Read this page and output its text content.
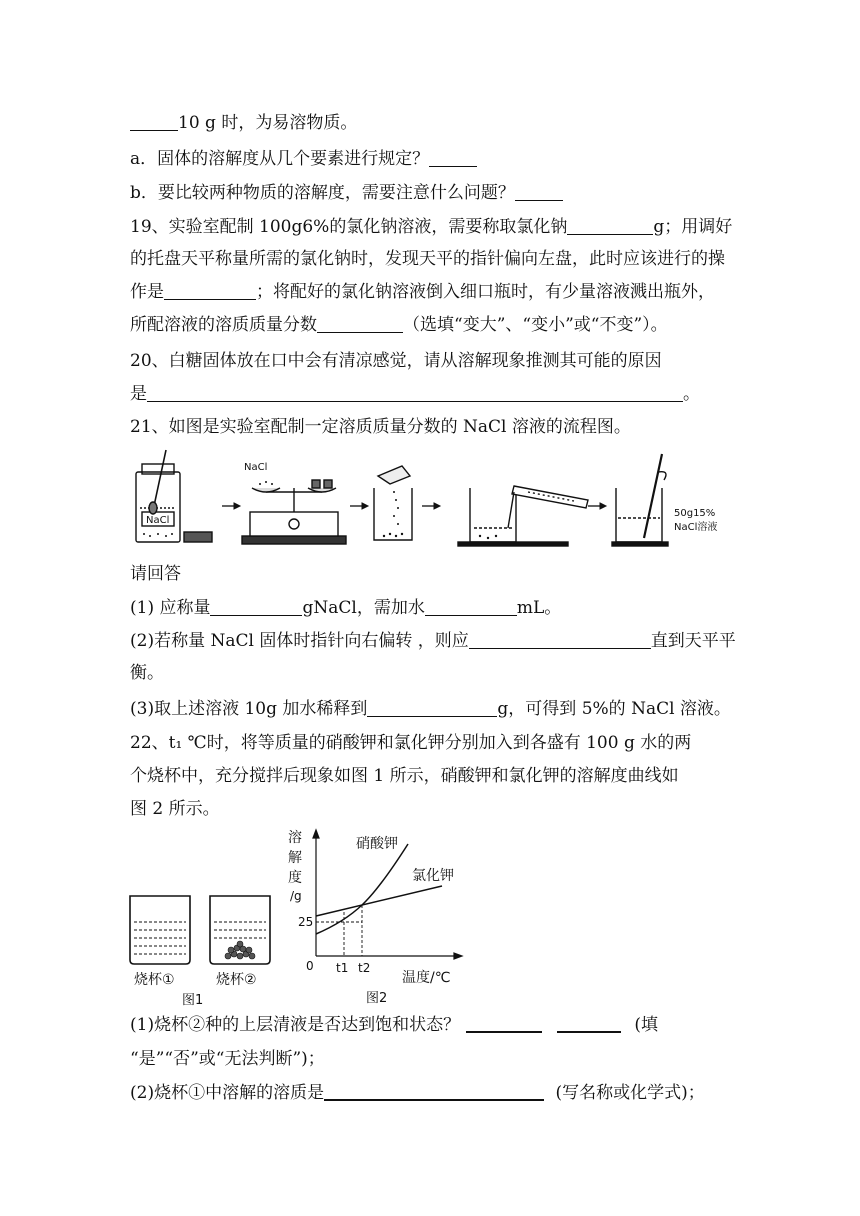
10 g 时，为易溶物质。
a．固体的溶解度从几个要素进行规定？
b．要比较两种物质的溶解度，需要注意什么问题？
19、实验室配制 100g6%的氯化钠溶液，需要称取氯化钠	g；用调好
的托盘天平称量所需的氯化钠时，发现天平的指针偏向左盘，此时应该进行的操
作是	；将配好的氯化钠溶液倒入细口瓶时，有少量溶液溅出瓶外，
所配溶液的溶质质量分数	（选填“变大”、“变小”或“不变”）。
20、白糖固体放在口中会有清凉感觉，请从溶解现象推测其可能的原因
是	。
21、如图是实验室配制一定溶质质量分数的 NaCl 溶液的流程图。
NaCl
NaCl
50g15%
NaCl溶液
请回答
(1) 应称量	gNaCl，需加水	mL。
(2)若称量 NaCl 固体时指针向右偏转 ，则应	直到天平平
衡。
(3)取上述溶液 10g 加水稀释到	g，可得到 5%的 NaCl 溶液。
22、t₁ ℃时，将等质量的硝酸钾和氯化钾分别加入到各盛有 100 g 水的两
个烧杯中，充分搅拌后现象如图 1 所示，硝酸钾和氯化钾的溶解度曲线如
图 2 所示。
烧杯①	烧杯②
图1
溶
解
度
/g
0
25
t1 t2
硝酸钾
氯化钾
温度/℃
图2
(1)烧杯②种的上层清液是否达到饱和状态？	(填
“是”“否”或“无法判断”)；
(2)烧杯①中溶解的溶质是	(写名称或化学式)；
